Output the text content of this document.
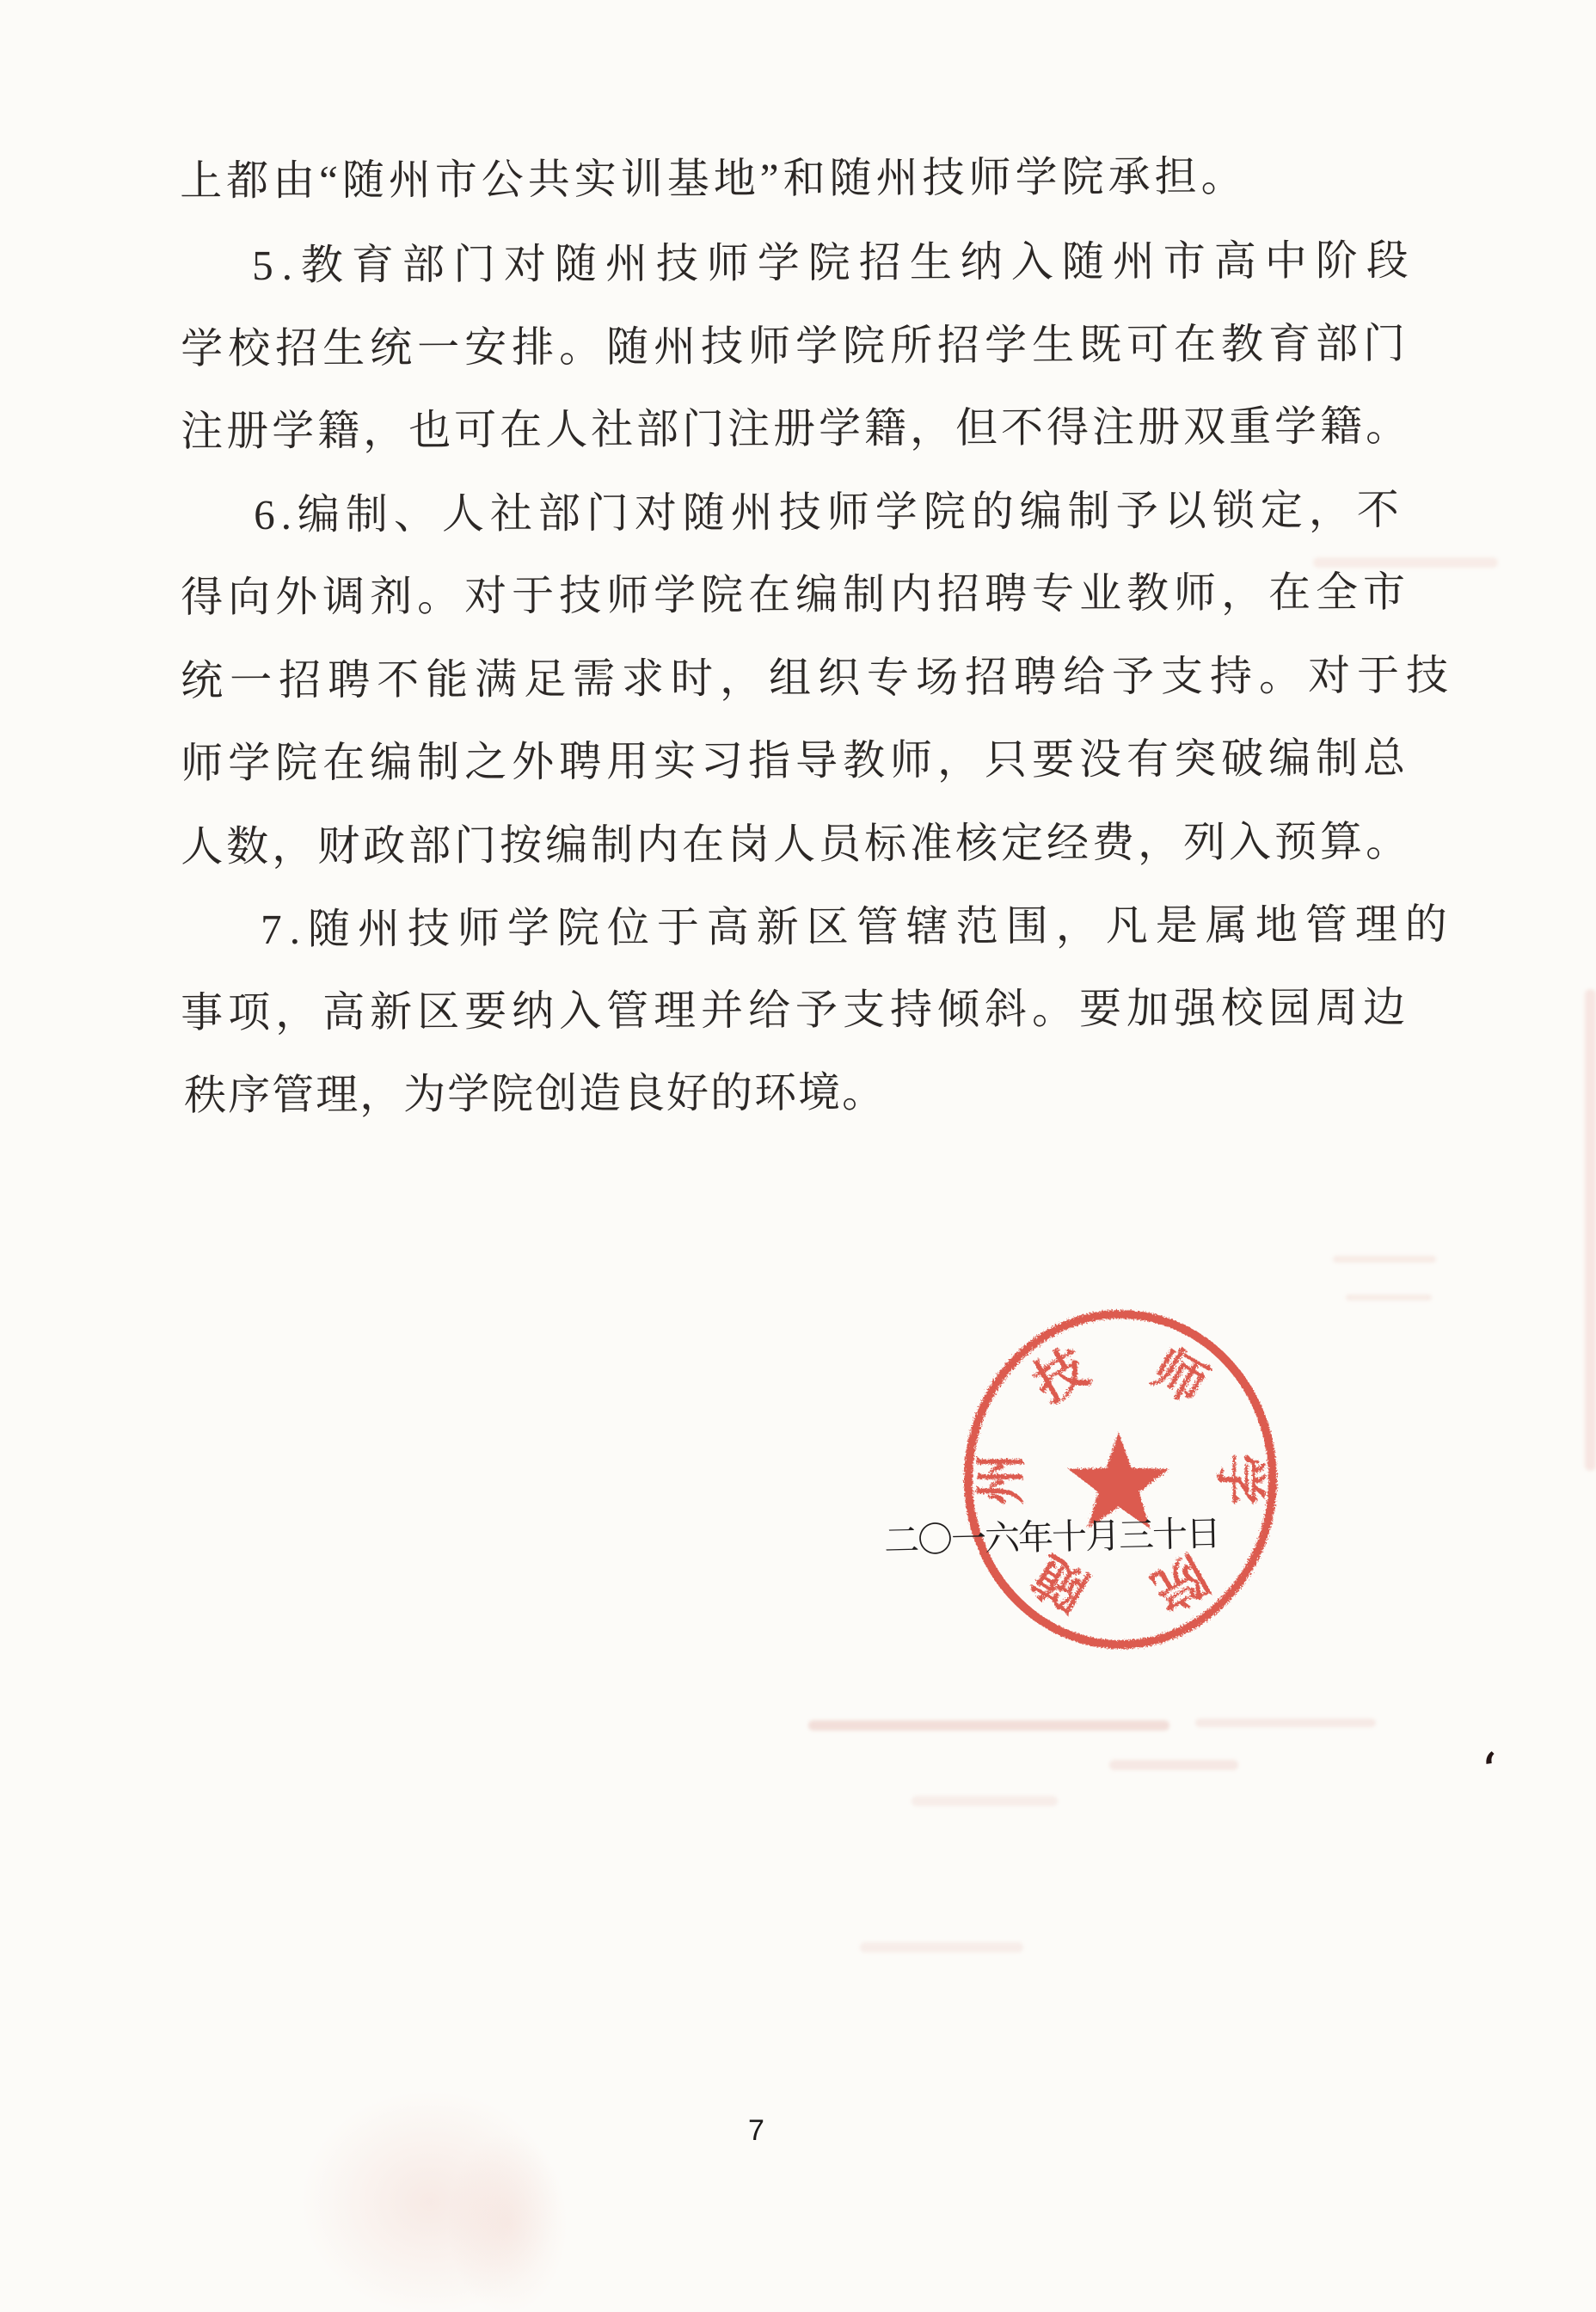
上都由“随州市公共实训基地”和随州技师学院承担。
5.教育部门对随州技师学院招生纳入随州市高中阶段
学校招生统一安排。随州技师学院所招学生既可在教育部门
注册学籍，也可在人社部门注册学籍，但不得注册双重学籍。
6.编制、人社部门对随州技师学院的编制予以锁定，不
得向外调剂。对于技师学院在编制内招聘专业教师，在全市
统一招聘不能满足需求时，组织专场招聘给予支持。对于技
师学院在编制之外聘用实习指导教师，只要没有突破编制总
人数，财政部门按编制内在岗人员标准核定经费，列入预算。
7.随州技师学院位于高新区管辖范围，凡是属地管理的
事项，高新区要纳入管理并给予支持倾斜。要加强校园周边
秩序管理，为学院创造良好的环境。
随
州
技 师
学
院
二〇一六年十月三十日
7
‘
